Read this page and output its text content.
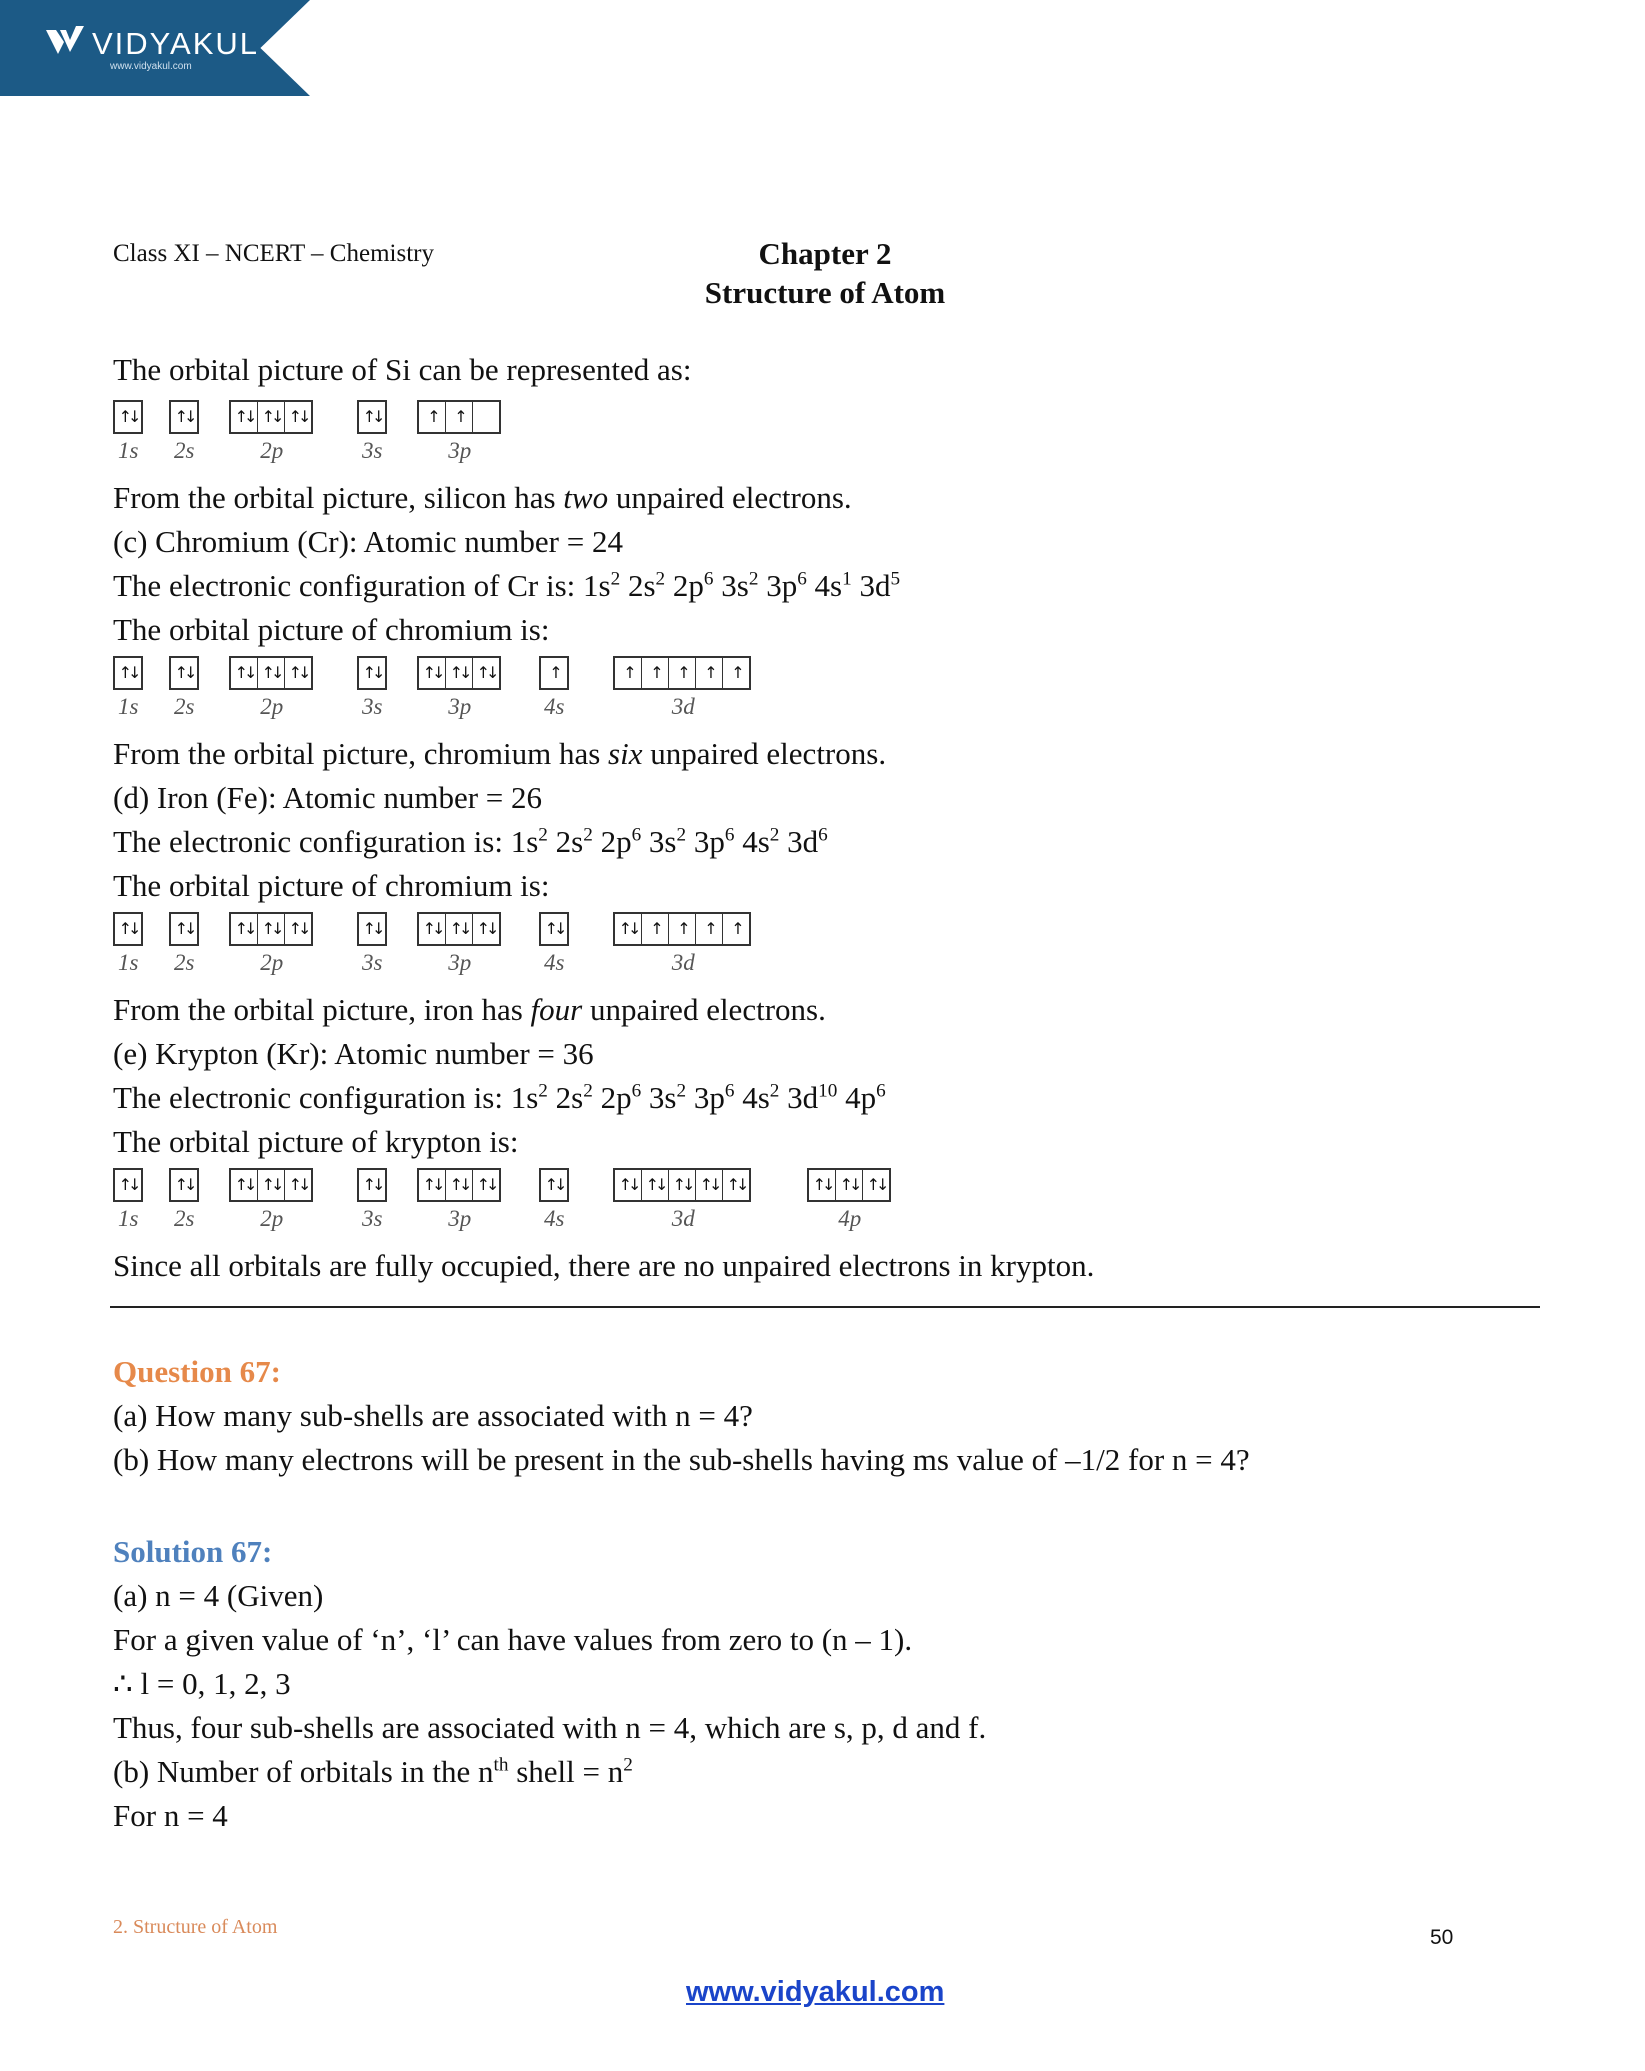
VIDYAKUL
www.vidyakul.com
Class XI – NCERT – Chemistry	Chapter 2
Structure of Atom
The orbital picture of Si can be represented as:
↑↓
1s
↑↓
2s
↑↓ ↑↓ ↑↓
2p
↑↓
3s
↑	↑
3p
From the orbital picture, silicon has two unpaired electrons.
(c) Chromium (Cr): Atomic number = 24
The electronic configuration of Cr is: $1s^2$ $2s^2$ $2p^6$ $3s^2$ $3p^6$ $4s^1$ $3d^5$
The orbital picture of chromium is:
↑↓
1s
↑↓
2s
↑↓ ↑↓ ↑↓
2p
↑↓
3s
↑↓ ↑↓ ↑↓
3p
↑
4s
↑	↑	↑	↑	↑
3d
From the orbital picture, chromium has six unpaired electrons.
(d) Iron (Fe): Atomic number = 26
The electronic configuration is: $1s^2$ $2s^2$ $2p^6$ $3s^2$ $3p^6$ $4s^2$ $3d^6$
The orbital picture of chromium is:
↑↓
1s
↑↓
2s
↑↓ ↑↓ ↑↓
2p
↑↓
3s
↑↓ ↑↓ ↑↓
3p
↑↓
4s
↑↓ ↑	↑	↑	↑
3d
From the orbital picture, iron has four unpaired electrons.
(e) Krypton (Kr): Atomic number = 36
The electronic configuration is: $1s^2$ $2s^2$ $2p^6$ $3s^2$ $3p^6$ $4s^2$ $3d^{10}$ $4p^6$
The orbital picture of krypton is:
↑↓
1s
↑↓
2s
↑↓ ↑↓ ↑↓
2p
↑↓
3s
↑↓ ↑↓ ↑↓
3p
↑↓
4s
↑↓ ↑↓ ↑↓ ↑↓ ↑↓
3d
↑↓ ↑↓ ↑↓
4p
Since all orbitals are fully occupied, there are no unpaired electrons in krypton.
Question 67:
(a) How many sub-shells are associated with n = 4?
(b) How many electrons will be present in the sub-shells having ms value of –1/2 for n = 4?
Solution 67:
(a) n = 4 (Given)
For a given value of ‘n’, ‘l’ can have values from zero to (n – 1).
∴ l = 0, 1, 2, 3
Thus, four sub-shells are associated with n = 4, which are s, p, d and f.
(b) Number of orbitals in the $n^{th}$ shell = $n^2$
For n = 4
2. Structure of Atom	50
www.vidyakul.com
